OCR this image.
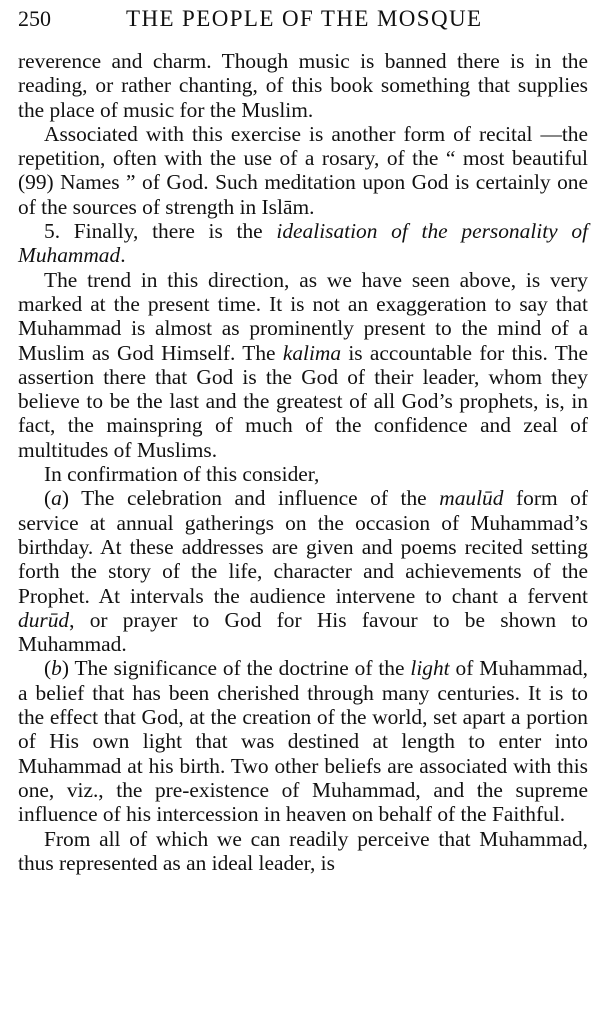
250	THE PEOPLE OF THE MOSQUE

reverence and charm. Though music is banned there is in the reading, or rather chanting, of this book something that supplies the place of music for the Muslim.

Associated with this exercise is another form of recital —the repetition, often with the use of a rosary, of the “ most beautiful (99) Names ” of God. Such meditation upon God is certainly one of the sources of strength in Islām.

5. Finally, there is the idealisation of the personality of Muhammad.

The trend in this direction, as we have seen above, is very marked at the present time. It is not an exaggeration to say that Muhammad is almost as prominently present to the mind of a Muslim as God Himself. The kalima is accountable for this. The assertion there that God is the God of their leader, whom they believe to be the last and the greatest of all God’s prophets, is, in fact, the mainspring of much of the confidence and zeal of multitudes of Muslims.

In confirmation of this consider,

(a) The celebration and influence of the maulūd form of service at annual gatherings on the occasion of Muhammad’s birthday. At these addresses are given and poems recited setting forth the story of the life, character and achievements of the Prophet. At intervals the audience intervene to chant a fervent durūd, or prayer to God for His favour to be shown to Muhammad.

(b) The significance of the doctrine of the light of Muhammad, a belief that has been cherished through many centuries. It is to the effect that God, at the creation of the world, set apart a portion of His own light that was destined at length to enter into Muhammad at his birth. Two other beliefs are associated with this one, viz., the pre-existence of Muhammad, and the supreme influence of his intercession in heaven on behalf of the Faithful.

From all of which we can readily perceive that Muhammad, thus represented as an ideal leader, is
